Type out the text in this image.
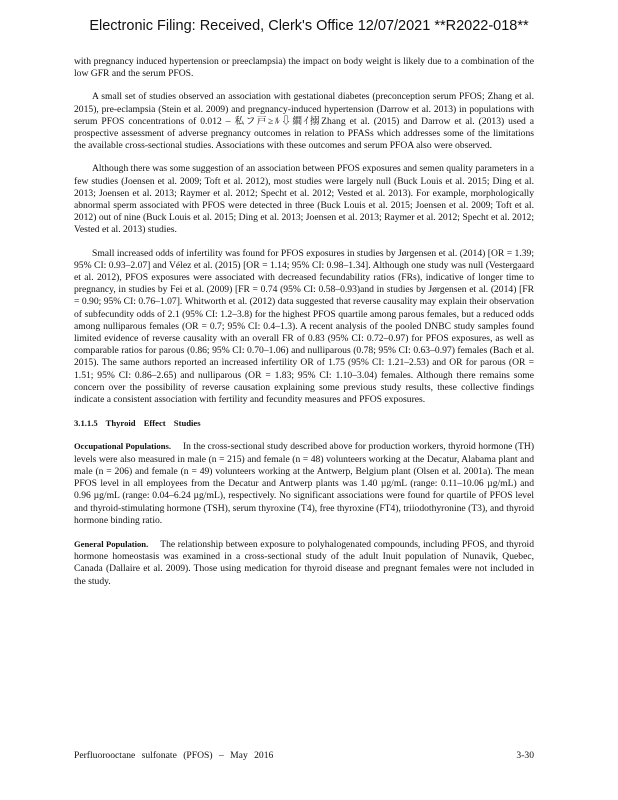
Electronic Filing: Received, Clerk's Office 12/07/2021 **R2022-018**

with pregnancy induced hypertension or preeclampsia) the impact on body weight is likely due to a combination of the low GFR and the serum PFOS.

A small set of studies observed an association with gestational diabetes (preconception serum PFOS; Zhang et al. 2015), pre-eclampsia (Stein et al. 2009) and pregnancy-induced hypertension (Darrow et al. 2013) in populations with serum PFOS concentrations of 0.012 – 私フ戸≥ﾙ⇩繝ｲ搦Zhang et al. (2015) and Darrow et al. (2013) used a prospective assessment of adverse pregnancy outcomes in relation to PFASs which addresses some of the limitations the available cross-sectional studies. Associations with these outcomes and serum PFOA also were observed.

Although there was some suggestion of an association between PFOS exposures and semen quality parameters in a few studies (Joensen et al. 2009; Toft et al. 2012), most studies were largely null (Buck Louis et al. 2015; Ding et al. 2013; Joensen et al. 2013; Raymer et al. 2012; Specht et al. 2012; Vested et al. 2013). For example, morphologically abnormal sperm associated with PFOS were detected in three (Buck Louis et al. 2015; Joensen et al. 2009; Toft et al. 2012) out of nine (Buck Louis et al. 2015; Ding et al. 2013; Joensen et al. 2013; Raymer et al. 2012; Specht et al. 2012; Vested et al. 2013) studies.

Small increased odds of infertility was found for PFOS exposures in studies by Jørgensen et al. (2014) [OR = 1.39; 95% CI: 0.93–2.07] and Vélez et al. (2015) [OR = 1.14; 95% CI: 0.98–1.34]. Although one study was null (Vestergaard et al. 2012), PFOS exposures were associated with decreased fecundability ratios (FRs), indicative of longer time to pregnancy, in studies by Fei et al. (2009) [FR = 0.74 (95% CI: 0.58–0.93)and in studies by Jørgensen et al. (2014) [FR = 0.90; 95% CI: 0.76–1.07]. Whitworth et al. (2012) data suggested that reverse causality may explain their observation of subfecundity odds of 2.1 (95% CI: 1.2–3.8) for the highest PFOS quartile among parous females, but a reduced odds among nulliparous females (OR = 0.7; 95% CI: 0.4–1.3). A recent analysis of the pooled DNBC study samples found limited evidence of reverse causality with an overall FR of 0.83 (95% CI: 0.72–0.97) for PFOS exposures, as well as comparable ratios for parous (0.86; 95% CI: 0.70–1.06) and nulliparous (0.78; 95% CI: 0.63–0.97) females (Bach et al. 2015). The same authors reported an increased infertility OR of 1.75 (95% CI: 1.21–2.53) and OR for parous (OR = 1.51; 95% CI: 0.86–2.65) and nulliparous (OR = 1.83; 95% CI: 1.10–3.04) females. Although there remains some concern over the possibility of reverse causation explaining some previous study results, these collective findings indicate a consistent association with fertility and fecundity measures and PFOS exposures.

3.1.1.5 Thyroid Effect Studies

Occupational Populations. In the cross-sectional study described above for production workers, thyroid hormone (TH) levels were also measured in male (n = 215) and female (n = 48) volunteers working at the Decatur, Alabama plant and male (n = 206) and female (n = 49) volunteers working at the Antwerp, Belgium plant (Olsen et al. 2001a). The mean PFOS level in all employees from the Decatur and Antwerp plants was 1.40 µg/mL (range: 0.11–10.06 µg/mL) and 0.96 µg/mL (range: 0.04–6.24 µg/mL), respectively. No significant associations were found for quartile of PFOS level and thyroid-stimulating hormone (TSH), serum thyroxine (T4), free thyroxine (FT4), triiodothyronine (T3), and thyroid hormone binding ratio.

General Population. The relationship between exposure to polyhalogenated compounds, including PFOS, and thyroid hormone homeostasis was examined in a cross-sectional study of the adult Inuit population of Nunavik, Quebec, Canada (Dallaire et al. 2009). Those using medication for thyroid disease and pregnant females were not included in the study.

Perfluorooctane sulfonate (PFOS) – May 2016	3-30
